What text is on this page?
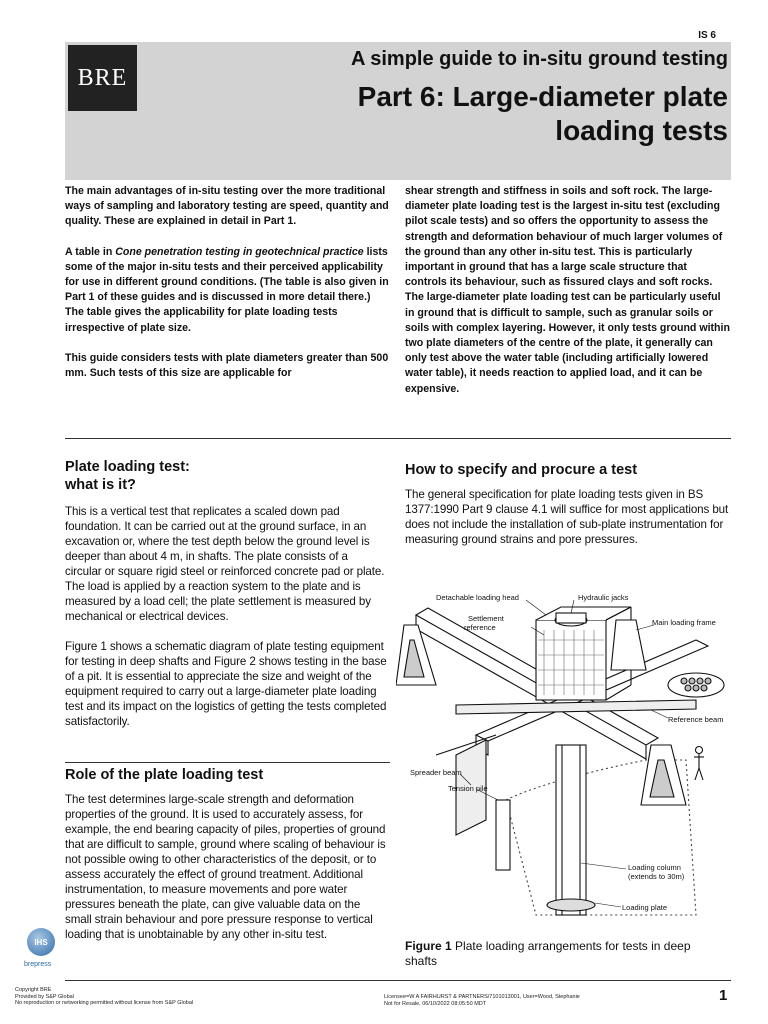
IS 6
BRE
A simple guide to in-situ ground testing
Part 6: Large-diameter plate
loading tests

The main advantages of in-situ testing over the more traditional ways of sampling and laboratory testing are speed, quantity and quality. These are explained in detail in Part 1.

A table in Cone penetration testing in geotechnical practice lists some of the major in-situ tests and their perceived applicability for use in different ground conditions. (The table is also given in Part 1 of these guides and is discussed in more detail there.) The table gives the applicability for plate loading tests irrespective of plate size.

This guide considers tests with plate diameters greater than 500 mm. Such tests of this size are applicable for

shear strength and stiffness in soils and soft rock. The large-diameter plate loading test is the largest in-situ test (excluding pilot scale tests) and so offers the opportunity to assess the strength and deformation behaviour of much larger volumes of the ground than any other in-situ test. This is particularly important in ground that has a large scale structure that controls its behaviour, such as fissured clays and soft rocks. The large-diameter plate loading test can be particularly useful in ground that is difficult to sample, such as granular soils or soils with complex layering. However, it only tests ground within two plate diameters of the centre of the plate, it generally can only test above the water table (including artificially lowered water table), it needs reaction to applied load, and it can be expensive.

Plate loading test:
what is it?

This is a vertical test that replicates a scaled down pad foundation. It can be carried out at the ground surface, in an excavation or, where the test depth below the ground level is deeper than about 4 m, in shafts. The plate consists of a circular or square rigid steel or reinforced concrete pad or plate. The load is applied by a reaction system to the plate and is measured by a load cell; the plate settlement is measured by mechanical or electrical devices.

Figure 1 shows a schematic diagram of plate testing equipment for testing in deep shafts and Figure 2 shows testing in the base of a pit. It is essential to appreciate the size and weight of the equipment required to carry out a large-diameter plate loading test and its impact on the logistics of getting the tests completed satisfactorily.

Role of the plate loading test

The test determines large-scale strength and deformation properties of the ground. It is used to accurately assess, for example, the end bearing capacity of piles, properties of ground that are difficult to sample, ground where scaling of behaviour is not possible owing to other characteristics of the deposit, or to assess accurately the effect of ground treatment. Additional instrumentation, to measure movements and pore water pressures beneath the plate, can give valuable data on the small strain behaviour and pore pressure response to vertical loading that is unobtainable by any other in-situ test.

How to specify and procure a test

The general specification for plate loading tests given in BS 1377:1990 Part 9 clause 4.1 will suffice for most applications but does not include the installation of sub-plate instrumentation for measuring ground strains and pore pressures.

Detachable loading head	Hydraulic jacks
Settlement
reference
Main loading frame
Reference beam
Spreader beam
Tension pile
Loading column
(extends to 30m)
Loading plate
Figure 1 Plate loading arrangements for tests in deep shafts
IHS
brepress
Copyright BRE
Provided by S&P Global
No reproduction or networking permitted without license from S&P Global
Licensee=W A FAIRHURST & PARTNERS/7101013001, User=Wood, Stephanie
Not for Resale, 06/10/2022 08:05:50 MDT	1
